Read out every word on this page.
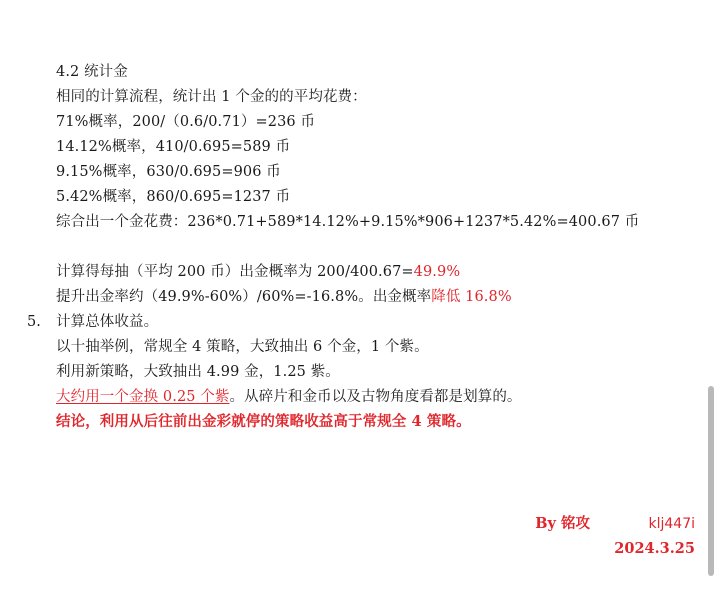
4.2 统计金
相同的计算流程，统计出 1 个金的的平均花费：
71%概率，200/（0.6/0.71）=236 币
14.12%概率，410/0.695=589 币
9.15%概率，630/0.695=906 币
5.42%概率，860/0.695=1237 币
综合出一个金花费：236*0.71+589*14.12%+9.15%*906+1237*5.42%=400.67 币
计算得每抽（平均 200 币）出金概率为 200/400.67=49.9%
提升出金率约（49.9%-60%）/60%=-16.8%。出金概率降低 16.8%
5. 计算总体收益。
以十抽举例，常规全 4 策略，大致抽出 6 个金，1 个紫。
利用新策略，大致抽出 4.99 金，1.25 紫。
大约用一个金换 0.25 个紫。从碎片和金币以及古物角度看都是划算的。
结论，利用从后往前出金彩就停的策略收益高于常规全 4 策略。
By 铭攻	klj447i
2024.3.25
